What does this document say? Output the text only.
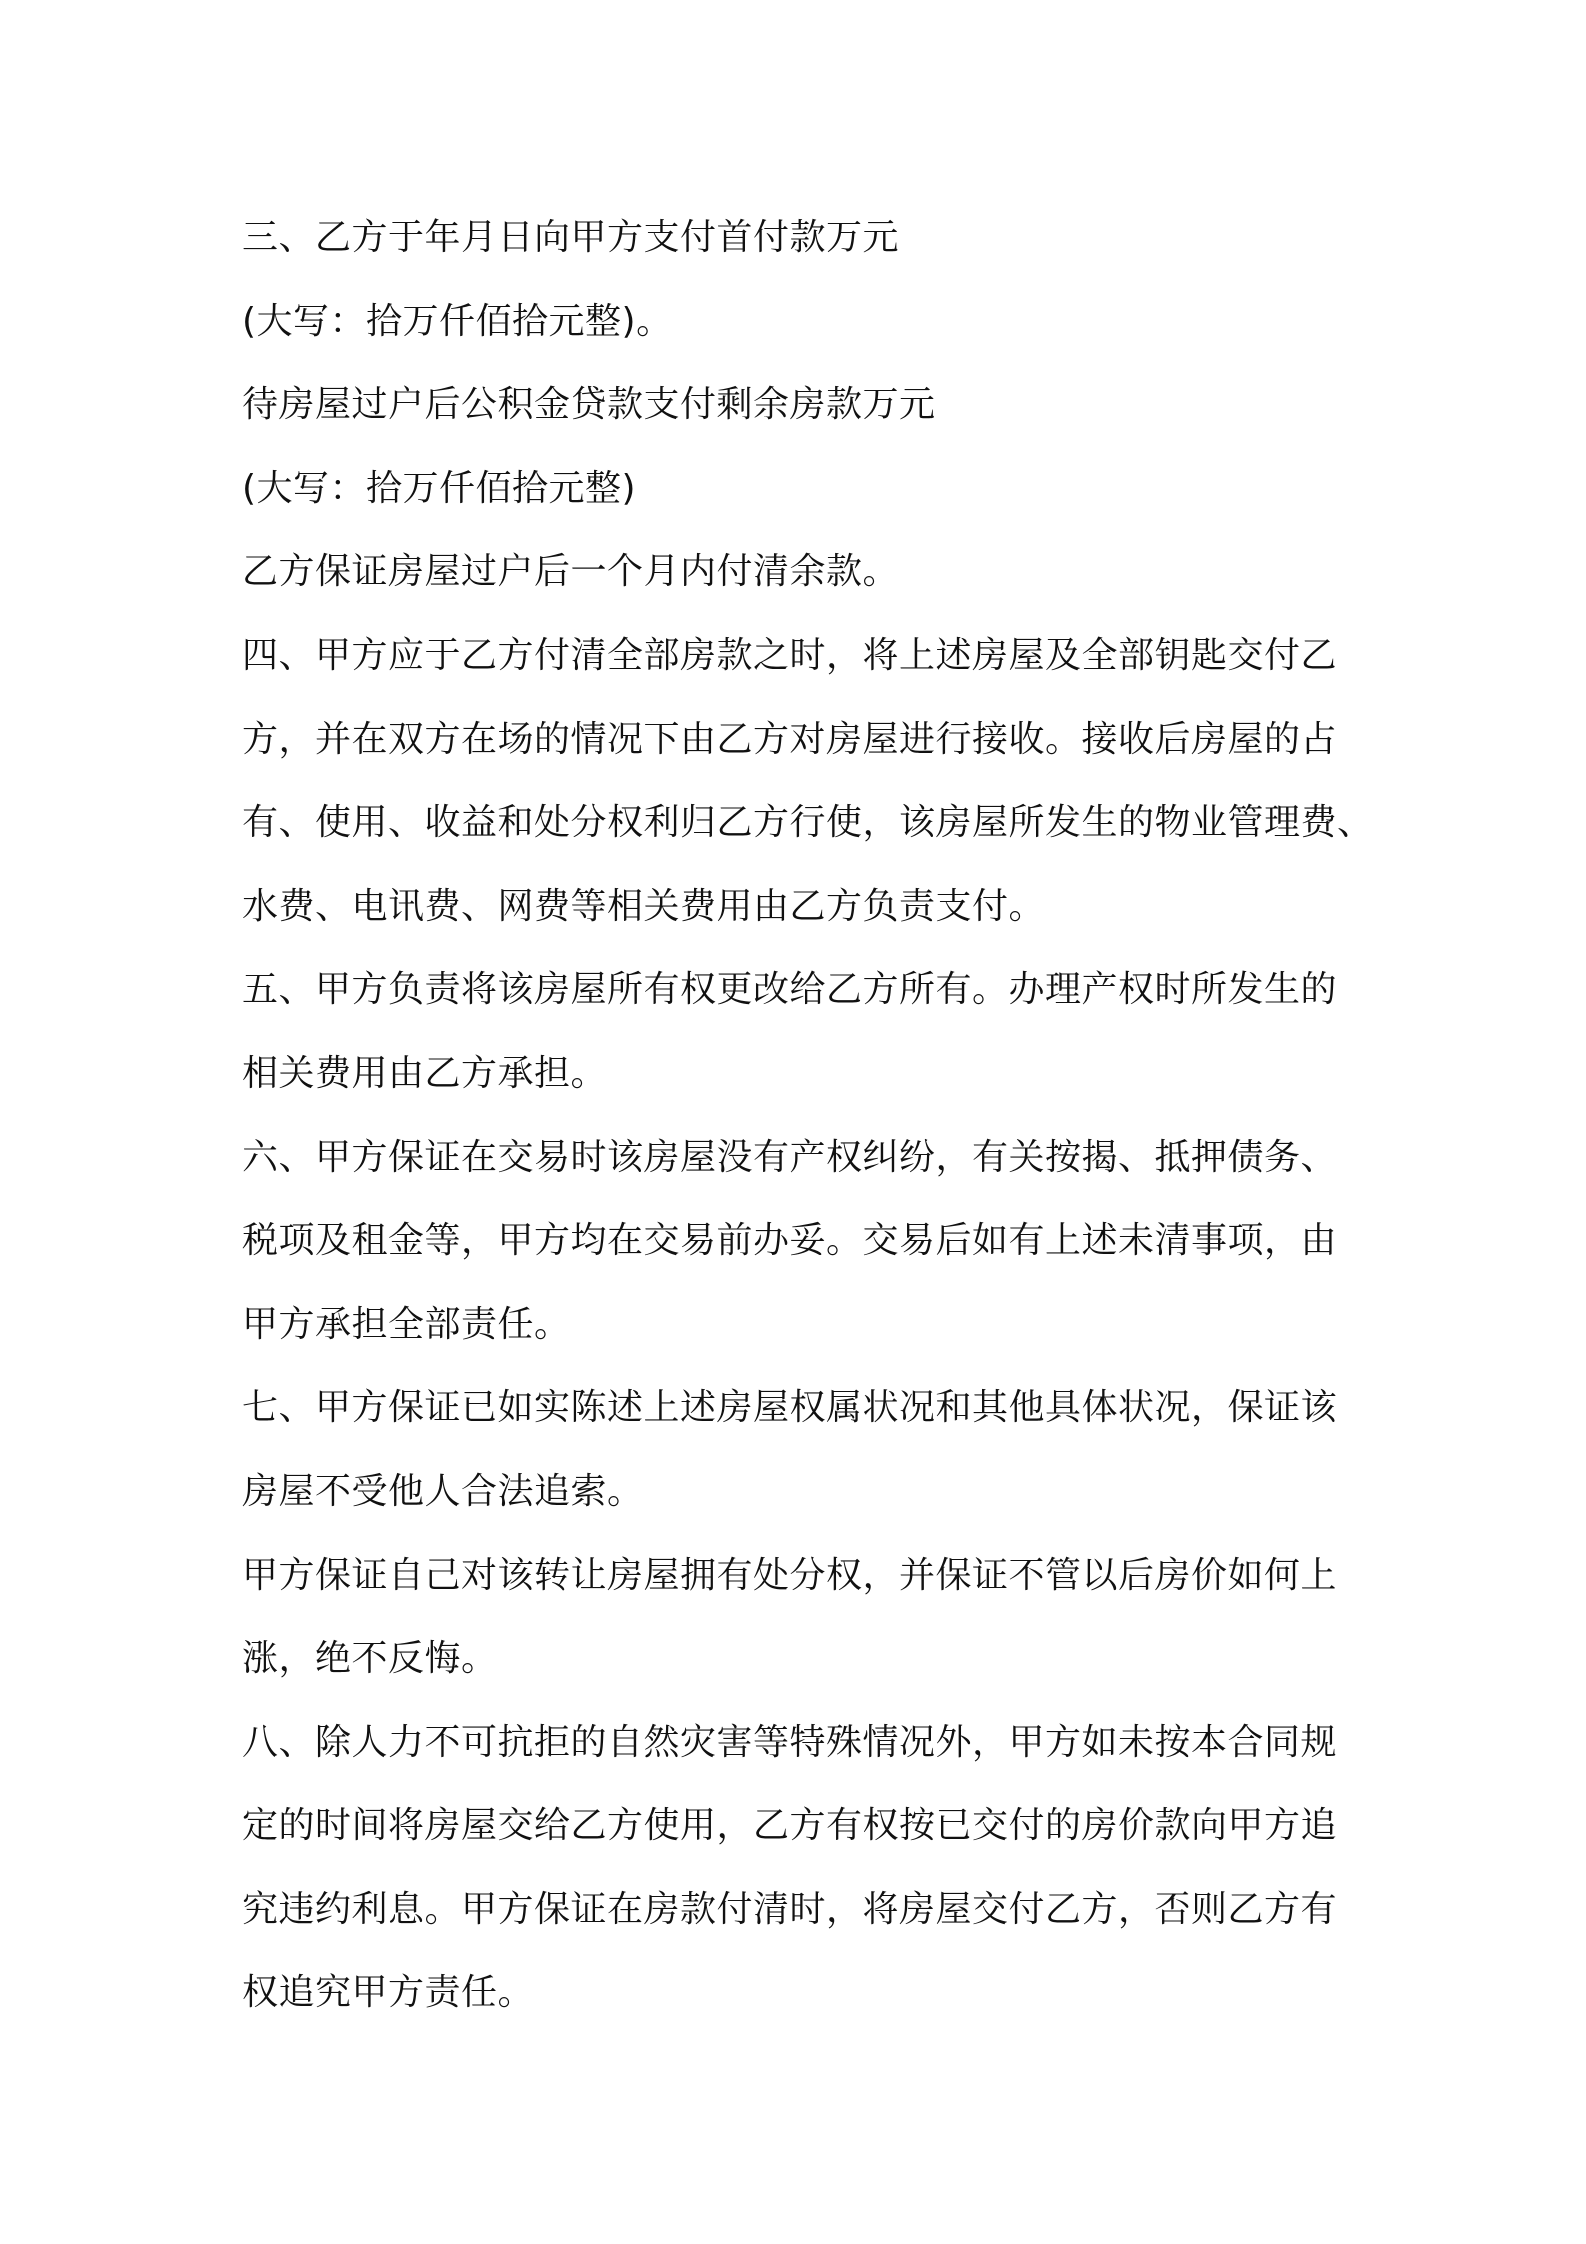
三、乙方于年月日向甲方支付首付款万元
(大写：拾万仟佰拾元整)。
待房屋过户后公积金贷款支付剩余房款万元
(大写：拾万仟佰拾元整)
乙方保证房屋过户后一个月内付清余款。
四、甲方应于乙方付清全部房款之时，将上述房屋及全部钥匙交付乙
方，并在双方在场的情况下由乙方对房屋进行接收。接收后房屋的占
有、使用、收益和处分权利归乙方行使，该房屋所发生的物业管理费、
水费、电讯费、网费等相关费用由乙方负责支付。
五、甲方负责将该房屋所有权更改给乙方所有。办理产权时所发生的
相关费用由乙方承担。
六、甲方保证在交易时该房屋没有产权纠纷，有关按揭、抵押债务、
税项及租金等，甲方均在交易前办妥。交易后如有上述未清事项，由
甲方承担全部责任。
七、甲方保证已如实陈述上述房屋权属状况和其他具体状况，保证该
房屋不受他人合法追索。
甲方保证自己对该转让房屋拥有处分权，并保证不管以后房价如何上
涨，绝不反悔。
八、除人力不可抗拒的自然灾害等特殊情况外，甲方如未按本合同规
定的时间将房屋交给乙方使用，乙方有权按已交付的房价款向甲方追
究违约利息。甲方保证在房款付清时，将房屋交付乙方，否则乙方有
权追究甲方责任。
